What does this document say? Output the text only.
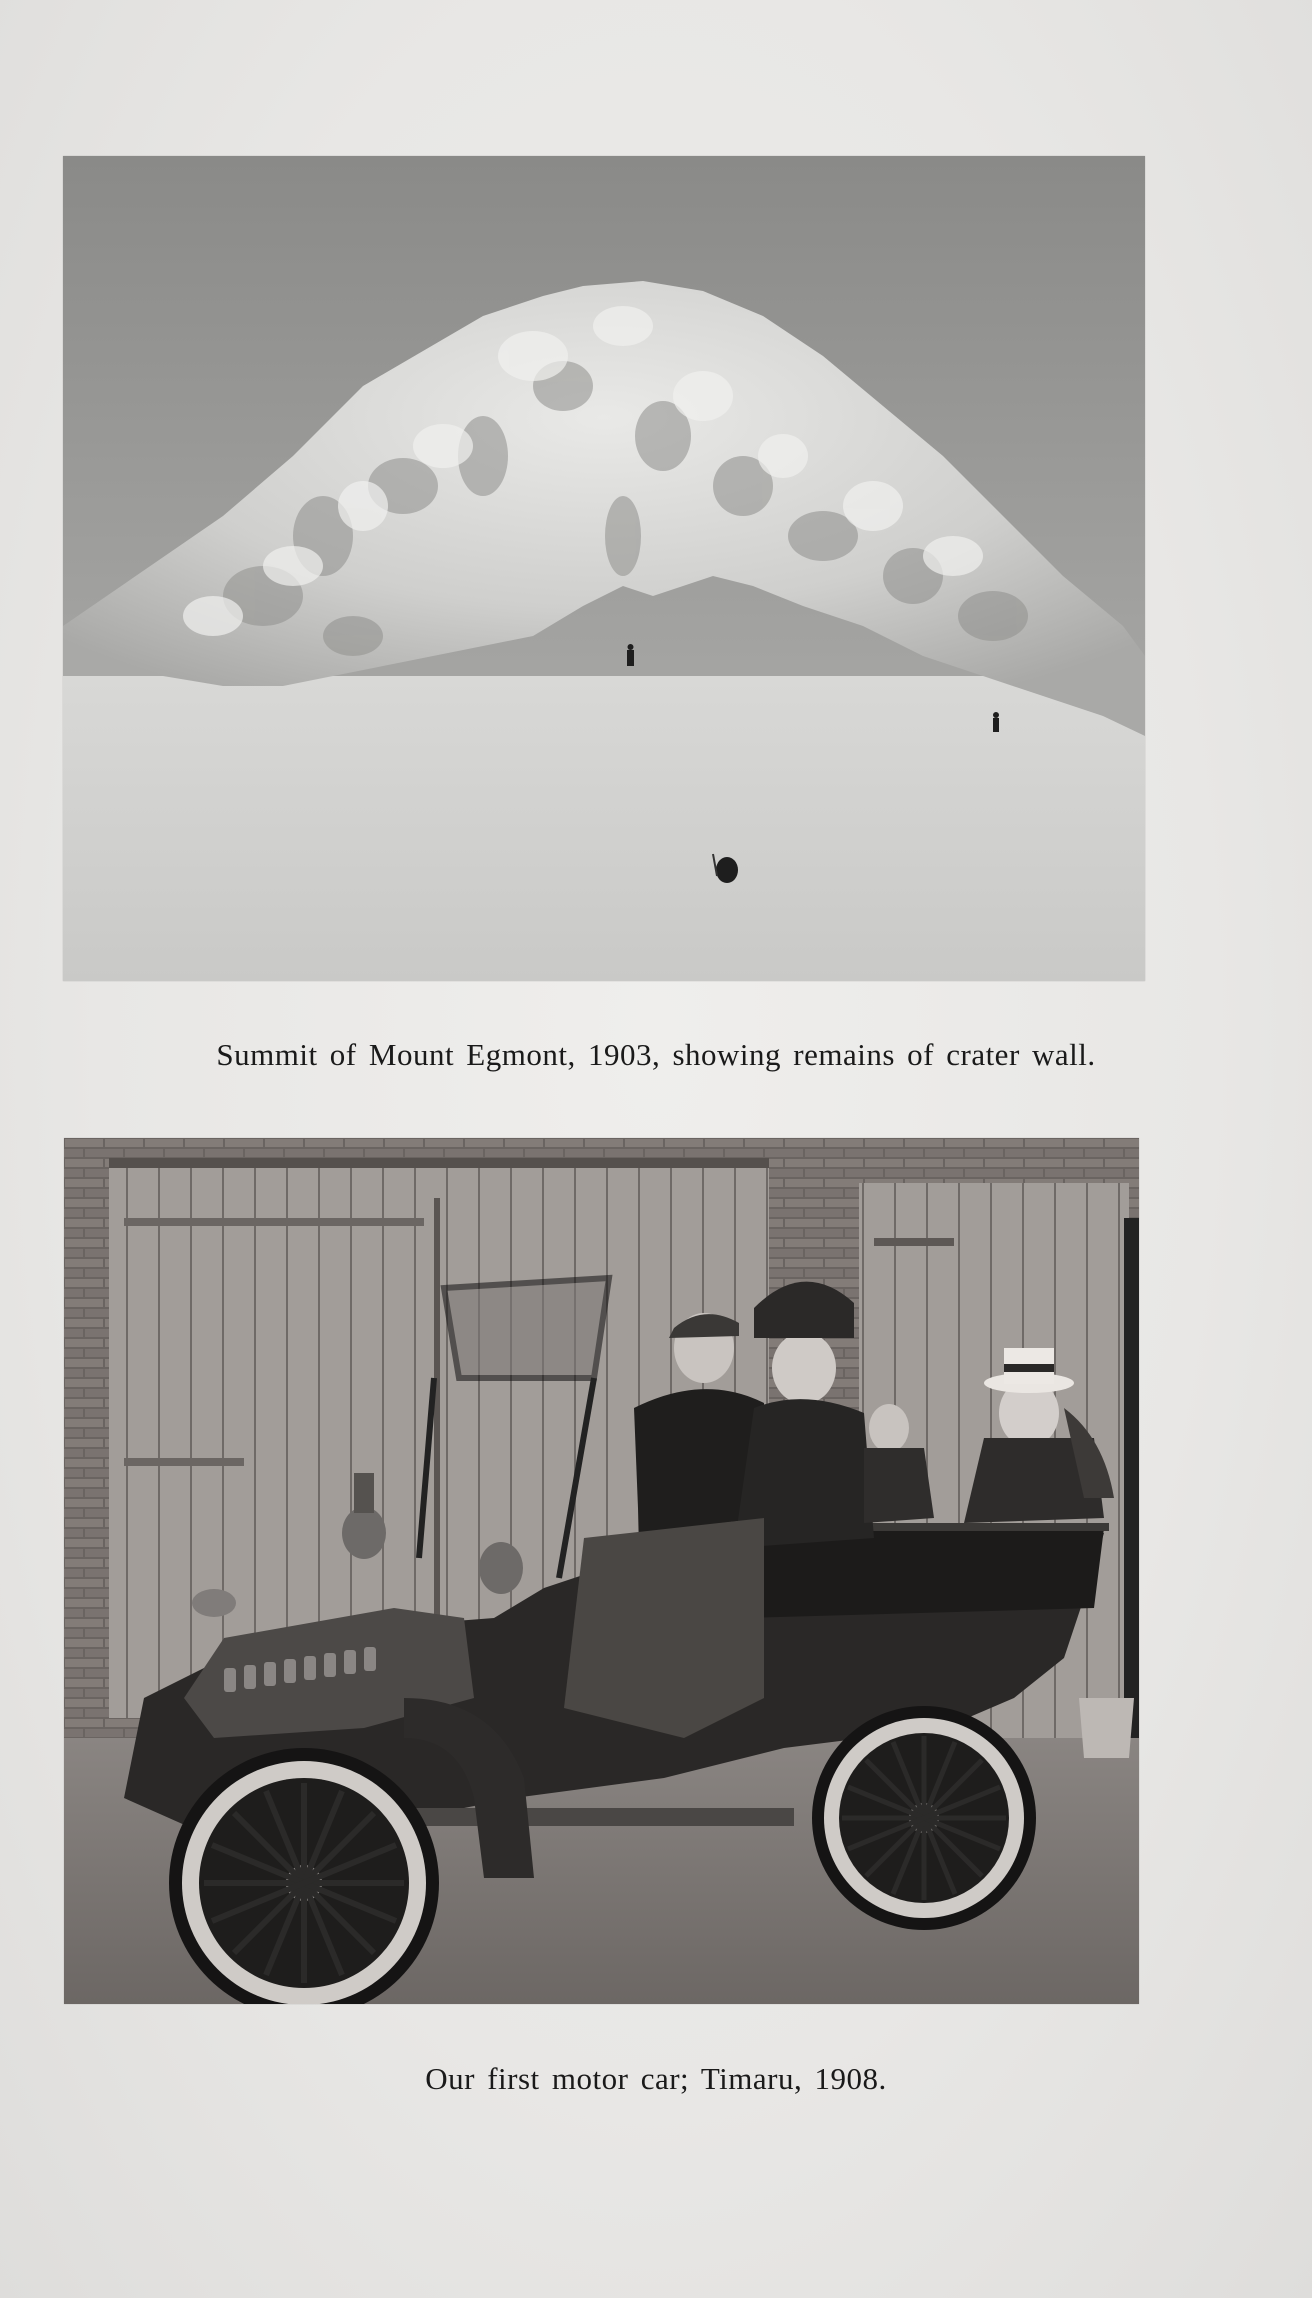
Summit of Mount Egmont, 1903, showing remains of crater wall.

Our first motor car; Timaru, 1908.
